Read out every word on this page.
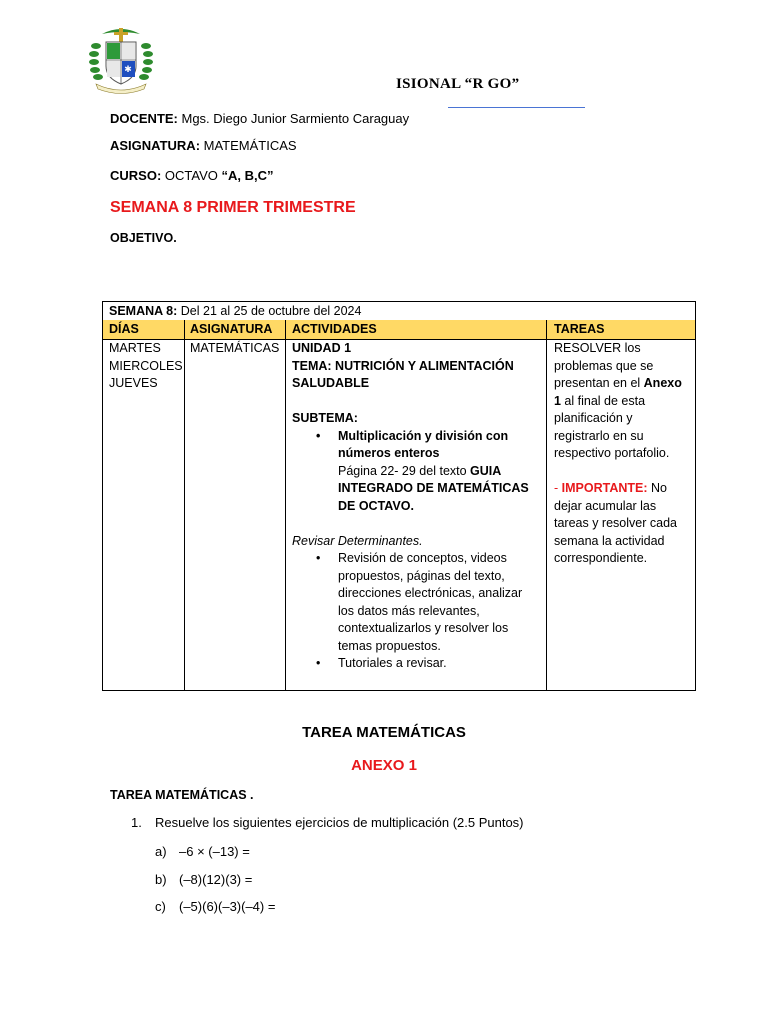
✱
ISIONAL “R GO”
DOCENTE: Mgs. Diego Junior Sarmiento Caraguay
ASIGNATURA: MATEMÁTICAS
CURSO: OCTAVO “A, B,C”
SEMANA 8 PRIMER TRIMESTRE
OBJETIVO.
SEMANA 8: Del 21 al 25 de octubre del 2024
DÍAS	ASIGNATURA ACTIVIDADES	TAREAS
MARTES
MIERCOLES
JUEVES
MATEMÁTICAS UNIDAD 1
TEMA: NUTRICIÓN Y ALIMENTACIÓN
SALUDABLE
SUBTEMA:
• Multiplicación y división con
números enteros
Página 22- 29 del texto GUIA
INTEGRADO DE MATEMÁTICAS
DE OCTAVO.
Revisar Determinantes.
• Revisión de conceptos, videos
propuestos, páginas del texto,
direcciones electrónicas, analizar
los datos más relevantes,
contextualizarlos y resolver los
temas propuestos.
• Tutoriales a revisar.
RESOLVER los
problemas que se
presentan en el Anexo
1 al final de esta
planificación y
registrarlo en su
respectivo portafolio.
- IMPORTANTE: No
dejar acumular las
tareas y resolver cada
semana la actividad
correspondiente.
TAREA MATEMÁTICAS
ANEXO 1
TAREA MATEMÁTICAS .
1. Resuelve los siguientes ejercicios de multiplicación (2.5 Puntos)
a) –6 × (–13) =
b) (–8)(12)(3) =
c) (–5)(6)(–3)(–4) =
